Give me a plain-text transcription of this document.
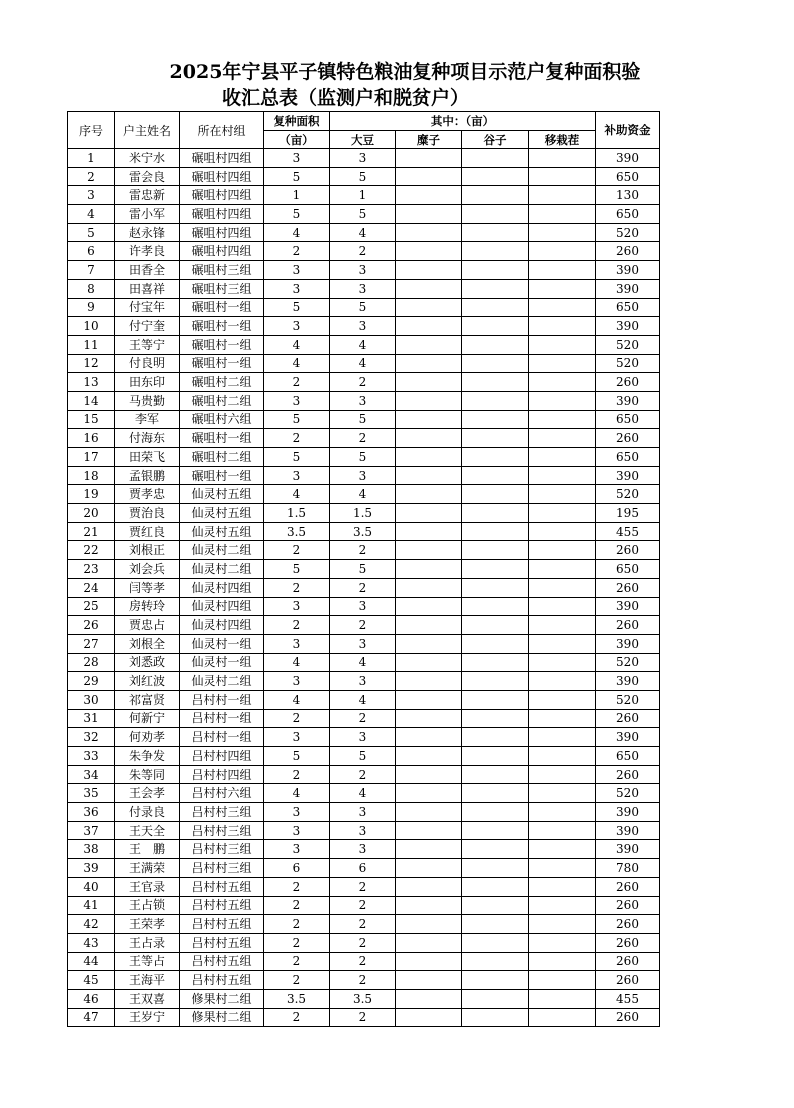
2025年宁县平子镇特色粮油复种项目示范户复种面积验
收汇总表（监测户和脱贫户）
序号	户主姓名	所在村组	复种面积	其中：（亩）				补助资金
			（亩）	大豆	糜子	谷子	移栽茬	
1	米宁水	碾咀村四组	3	3				390
2	雷会良	碾咀村四组	5	5				650
3	雷忠新	碾咀村四组	1	1				130
4	雷小军	碾咀村四组	5	5				650
5	赵永锋	碾咀村四组	4	4				520
6	许孝良	碾咀村四组	2	2				260
7	田香全	碾咀村三组	3	3				390
8	田喜祥	碾咀村三组	3	3				390
9	付宝年	碾咀村一组	5	5				650
10	付宁奎	碾咀村一组	3	3				390
11	王等宁	碾咀村一组	4	4				520
12	付良明	碾咀村一组	4	4				520
13	田东印	碾咀村二组	2	2				260
14	马贵勤	碾咀村二组	3	3				390
15	李军	碾咀村六组	5	5				650
16	付海东	碾咀村一组	2	2				260
17	田荣飞	碾咀村二组	5	5				650
18	孟银鹏	碾咀村一组	3	3				390
19	贾孝忠	仙灵村五组	4	4				520
20	贾治良	仙灵村五组	1.5	1.5				195
21	贾红良	仙灵村五组	3.5	3.5				455
22	刘根正	仙灵村二组	2	2				260
23	刘会兵	仙灵村二组	5	5				650
24	闫等孝	仙灵村四组	2	2				260
25	房转玲	仙灵村四组	3	3				390
26	贾忠占	仙灵村四组	2	2				260
27	刘根全	仙灵村一组	3	3				390
28	刘悉政	仙灵村一组	4	4				520
29	刘红波	仙灵村二组	3	3				390
30	祁富贤	吕村村一组	4	4				520
31	何新宁	吕村村一组	2	2				260
32	何劝孝	吕村村一组	3	3				390
33	朱争发	吕村村四组	5	5				650
34	朱等同	吕村村四组	2	2				260
35	王会孝	吕村村六组	4	4				520
36	付录良	吕村村三组	3	3				390
37	王天全	吕村村三组	3	3				390
38	王　鹏	吕村村三组	3	3				390
39	王满荣	吕村村三组	6	6				780
40	王官录	吕村村五组	2	2				260
41	王占锁	吕村村五组	2	2				260
42	王荣孝	吕村村五组	2	2				260
43	王占录	吕村村五组	2	2				260
44	王等占	吕村村五组	2	2				260
45	王海平	吕村村五组	2	2				260
46	王双喜	修果村二组	3.5	3.5				455
47	王岁宁	修果村二组	2	2				260
